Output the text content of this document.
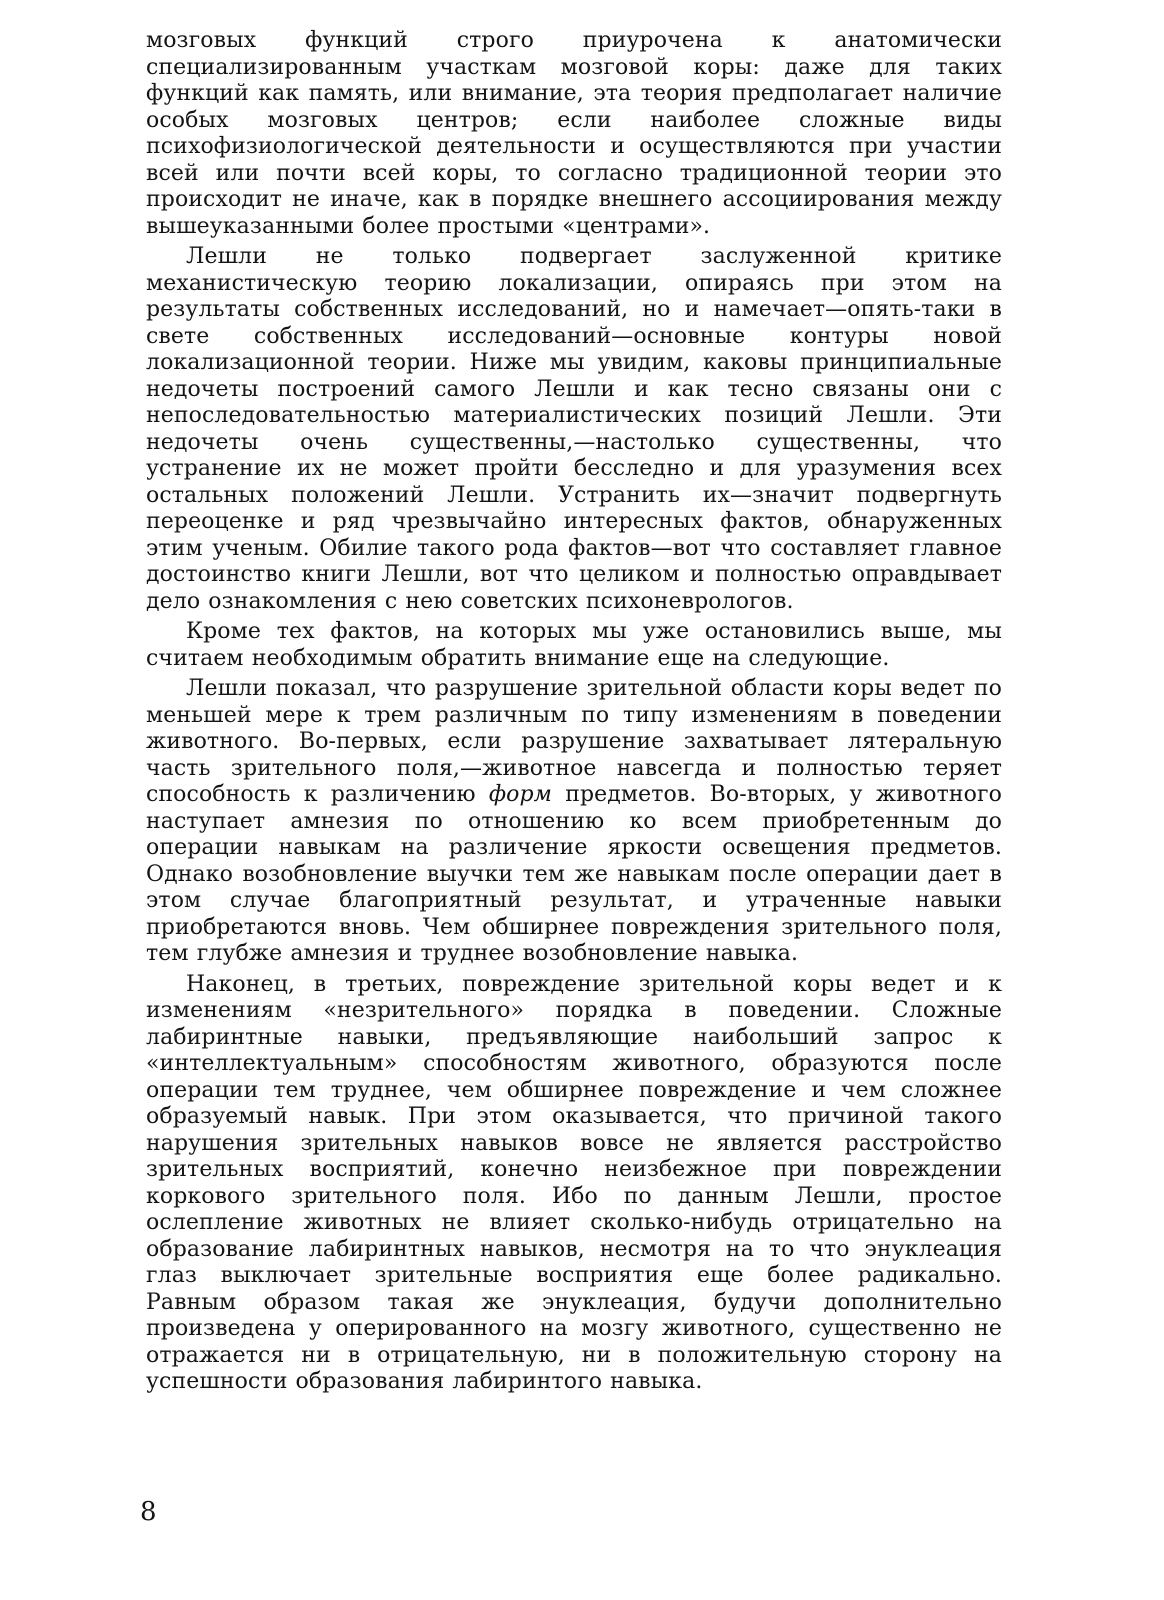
мозговых функций строго приурочена к анатомически специализированным участкам мозговой коры: даже для таких функций как память, или внимание, эта теория предполагает наличие особых мозговых центров; если наиболее сложные виды психофизиологической деятельности и осуществляются при участии всей или почти всей коры, то согласно традиционной теории это происходит не иначе, как в порядке внешнего ассоциирования между вышеуказанными более простыми «центрами».

Лешли не только подвергает заслуженной критике механистическую теорию локализации, опираясь при этом на результаты собственных исследований, но и намечает—опять-таки в свете собственных исследований—основные контуры новой локализационной теории. Ниже мы увидим, каковы принципиальные недочеты построений самого Лешли и как тесно связаны они с непоследовательностью материалистических позиций Лешли. Эти недочеты очень существенны,—настолько существенны, что устранение их не может пройти бесследно и для уразумения всех остальных положений Лешли. Устранить их—значит подвергнуть переоценке и ряд чрезвычайно интересных фактов, обнаруженных этим ученым. Обилие такого рода фактов—вот что составляет главное достоинство книги Лешли, вот что целиком и полностью оправдывает дело ознакомления с нею советских психоневрологов.

Кроме тех фактов, на которых мы уже остановились выше, мы считаем необходимым обратить внимание еще на следующие.

Лешли показал, что разрушение зрительной области коры ведет по меньшей мере к трем различным по типу изменениям в поведении животного. Во-первых, если разрушение захватывает лятеральную часть зрительного поля,—животное навсегда и полностью теряет способность к различению форм предметов. Во-вторых, у животного наступает амнезия по отношению ко всем приобретенным до операции навыкам на различение яркости освещения предметов. Однако возобновление выучки тем же навыкам после операции дает в этом случае благоприятный результат, и утраченные навыки приобретаются вновь. Чем обширнее повреждения зрительного поля, тем глубже амнезия и труднее возобновление навыка.

Наконец, в третьих, повреждение зрительной коры ведет и к изменениям «незрительного» порядка в поведении. Сложные лабиринтные навыки, предъявляющие наибольший запрос к «интеллектуальным» способностям животного, образуются после операции тем труднее, чем обширнее повреждение и чем сложнее образуемый навык. При этом оказывается, что причиной такого нарушения зрительных навыков вовсе не является расстройство зрительных восприятий, конечно неизбежное при повреждении коркового зрительного поля. Ибо по данным Лешли, простое ослепление животных не влияет сколько-нибудь отрицательно на образование лабиринтных навыков, несмотря на то что энуклеация глаз выключает зрительные восприятия еще более радикально. Равным образом такая же энуклеация, будучи дополнительно произведена у оперированного на мозгу животного, существенно не отражается ни в отрицательную, ни в положительную сторону на успешности образования лабиринтого навыка.

8
